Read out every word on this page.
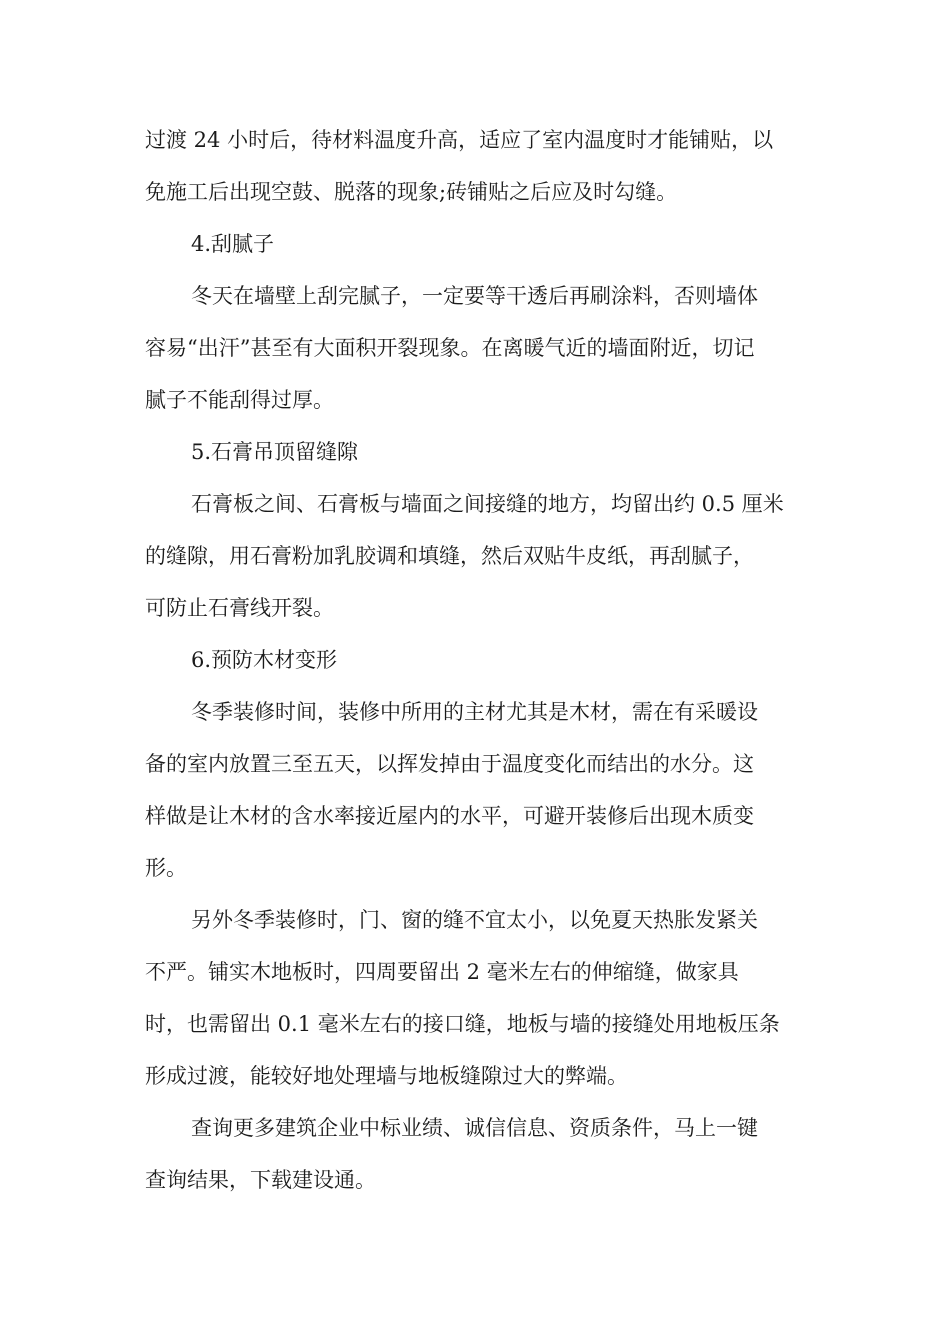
过渡 24 小时后，待材料温度升高，适应了室内温度时才能铺贴，以
免施工后出现空鼓、脱落的现象;砖铺贴之后应及时勾缝。

4.刮腻子

冬天在墙壁上刮完腻子，一定要等干透后再刷涂料，否则墙体
容易“出汗”甚至有大面积开裂现象。在离暖气近的墙面附近，切记
腻子不能刮得过厚。

5.石膏吊顶留缝隙

石膏板之间、石膏板与墙面之间接缝的地方，均留出约 0.5 厘米
的缝隙，用石膏粉加乳胶调和填缝，然后双贴牛皮纸，再刮腻子，
可防止石膏线开裂。

6.预防木材变形

冬季装修时间，装修中所用的主材尤其是木材，需在有采暖设
备的室内放置三至五天，以挥发掉由于温度变化而结出的水分。这
样做是让木材的含水率接近屋内的水平，可避开装修后出现木质变
形。

另外冬季装修时，门、窗的缝不宜太小，以免夏天热胀发紧关
不严。铺实木地板时，四周要留出 2 毫米左右的伸缩缝，做家具
时，也需留出 0.1 毫米左右的接口缝，地板与墙的接缝处用地板压条
形成过渡，能较好地处理墙与地板缝隙过大的弊端。

查询更多建筑企业中标业绩、诚信信息、资质条件，马上一键
查询结果，下载建设通。
